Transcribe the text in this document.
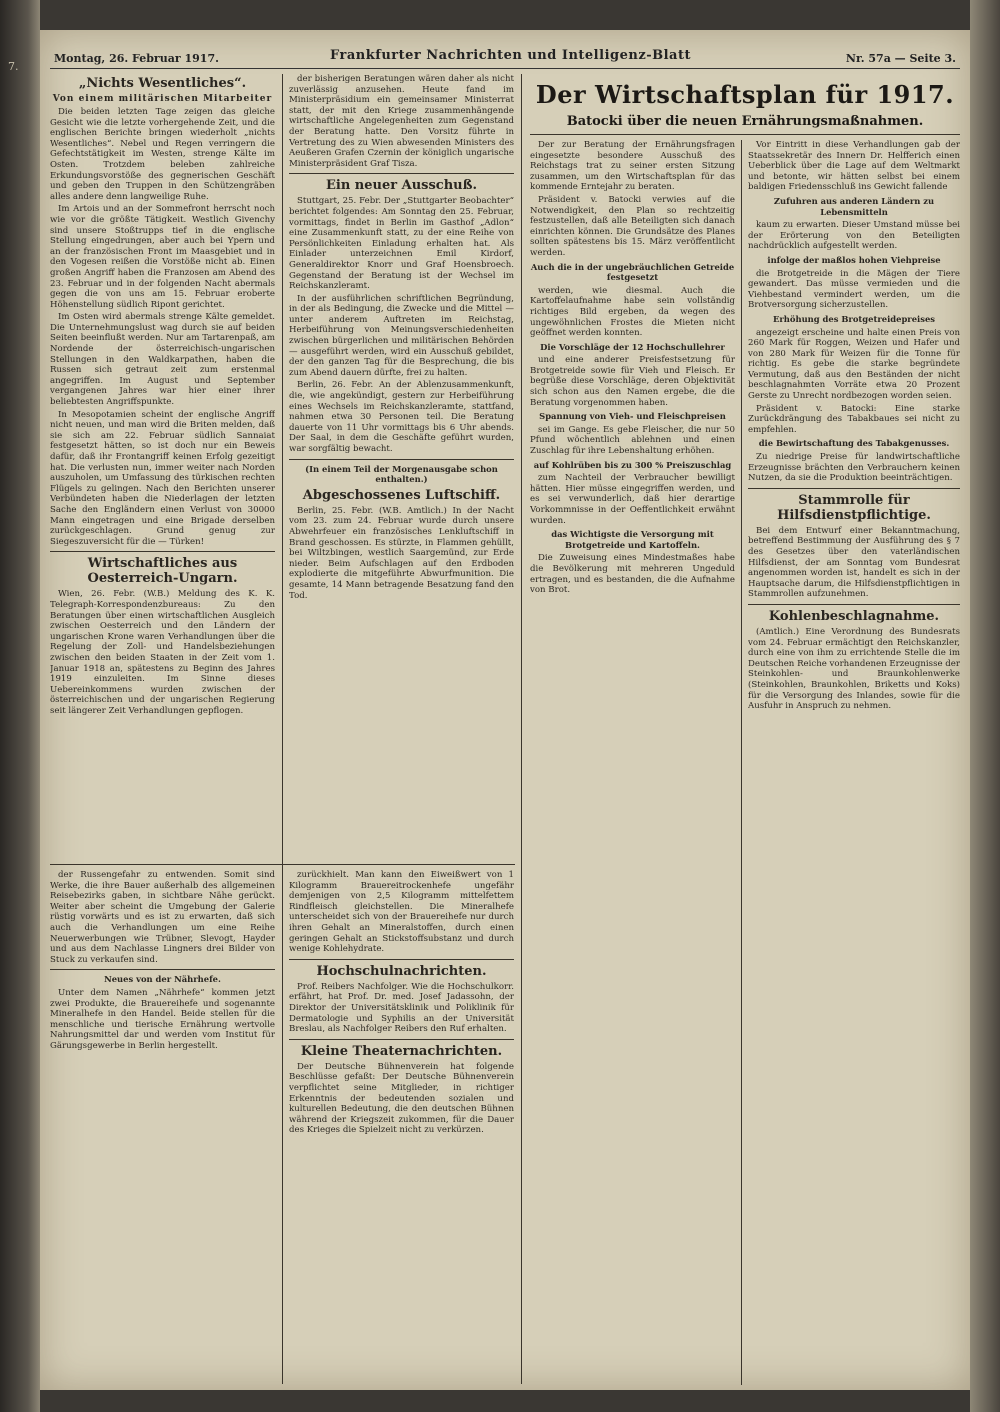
7.
Montag, 26. Februar 1917.	Frankfurter Nachrichten und Intelligenz-Blatt	Nr. 57a — Seite 3.
„Nichts Wesentliches“.
Von einem militärischen Mitarbeiter

Die beiden letzten Tage zeigen das gleiche Gesicht wie die letzte vorhergehende Zeit, und die englischen Berichte bringen wiederholt „nichts Wesentliches“. Nebel und Regen verringern die Gefechtstätigkeit im Westen, strenge Kälte im Osten. Trotzdem beleben zahlreiche Erkundungsvorstöße des gegnerischen Geschäft und geben den Truppen in den Schützengräben alles andere denn langweilige Ruhe.

Im Artois und an der Sommefront herrscht noch wie vor die größte Tätigkeit. Westlich Givenchy sind unsere Stoßtrupps tief in die englische Stellung eingedrungen, aber auch bei Ypern und an der französischen Front im Maasgebiet und in den Vogesen reißen die Vorstöße nicht ab. Einen großen Angriff haben die Franzosen am Abend des 23. Februar und in der folgenden Nacht abermals gegen die von uns am 15. Februar eroberte Höhenstellung südlich Ripont gerichtet.

Im Osten wird abermals strenge Kälte gemeldet. Die Unternehmungslust wag durch sie auf beiden Seiten beeinflußt werden. Nur am Tartarenpaß, am Nordende der österreichisch-ungarischen Stellungen in den Waldkarpathen, haben die Russen sich getraut zeit zum erstenmal angegriffen. Im August und September vergangenen Jahres war hier einer ihrer beliebtesten Angriffspunkte.

In Mesopotamien scheint der englische Angriff nicht neuen, und man wird die Briten melden, daß sie sich am 22. Februar südlich Sannaiat festgesetzt hätten, so ist doch nur ein Beweis dafür, daß ihr Frontangriff keinen Erfolg gezeitigt hat. Die verlusten nun, immer weiter nach Norden auszuholen, um Umfassung des türkischen rechten Flügels zu gelingen. Nach den Berichten unserer Verbündeten haben die Niederlagen der letzten Sache den Engländern einen Verlust von 30000 Mann eingetragen und eine Brigade derselben zurückgeschlagen. Grund genug zur Siegeszuversicht für die — Türken!

Wirtschaftliches aus Oesterreich-Ungarn.

Wien, 26. Febr. (W.B.) Meldung des K. K. Telegraph-Korrespondenzbureaus: Zu den Beratungen über einen wirtschaftlichen Ausgleich zwischen Oesterreich und den Ländern der ungarischen Krone waren Verhandlungen über die Regelung der Zoll- und Handelsbeziehungen zwischen den beiden Staaten in der Zeit vom 1. Januar 1918 an, spätestens zu Beginn des Jahres 1919 einzuleiten. Im Sinne dieses Uebereinkommens wurden zwischen der österreichischen und der ungarischen Regierung seit längerer Zeit Verhandlungen gepflogen.

der Russengefahr zu entwenden. Somit sind Werke, die ihre Bauer außerhalb des allgemeinen Reisebezirks gaben, in sichtbare Nähe gerückt. Weiter aber scheint die Umgebung der Galerie rüstig vorwärts und es ist zu erwarten, daß sich auch die Verhandlungen um eine Reihe Neuerwerbungen wie Trübner, Slevogt, Hayder und aus dem Nachlasse Lingners drei Bilder von Stuck zu verkaufen sind.

Neues von der Nährhefe.

Unter dem Namen „Nährhefe“ kommen jetzt zwei Produkte, die Brauereihefe und sogenannte Mineralhefe in den Handel. Beide stellen für die menschliche und tierische Ernährung wertvolle Nahrungsmittel dar und werden vom Institut für Gärungsgewerbe in Berlin hergestellt.

der bisherigen Beratungen wären daher als nicht zuverlässig anzusehen. Heute fand im Ministerpräsidium ein gemeinsamer Ministerrat statt, der mit den Kriege zusammenhängende wirtschaftliche Angelegenheiten zum Gegenstand der Beratung hatte. Den Vorsitz führte in Vertretung des zu Wien abwesenden Ministers des Aeußeren Grafen Czernin der königlich ungarische Ministerpräsident Graf Tisza.

Ein neuer Ausschuß.

Stuttgart, 25. Febr. Der „Stuttgarter Beobachter“ berichtet folgendes: Am Sonntag den 25. Februar, vormittags, findet in Berlin im Gasthof „Adlon“ eine Zusammenkunft statt, zu der eine Reihe von Persönlichkeiten Einladung erhalten hat. Als Einlader unterzeichnen Emil Kirdorf, Generaldirektor Knorr und Graf Hoensbroech. Gegenstand der Beratung ist der Wechsel im Reichskanzleramt.

In der ausführlichen schriftlichen Begründung, in der als Bedingung, die Zwecke und die Mittel — unter anderem Auftreten im Reichstag, Herbeiführung von Meinungsverschiedenheiten zwischen bürgerlichen und militärischen Behörden — ausgeführt werden, wird ein Ausschuß gebildet, der den ganzen Tag für die Besprechung, die bis zum Abend dauern dürfte, frei zu halten.

Berlin, 26. Febr. An der Ablenzusammenkunft, die, wie angekündigt, gestern zur Herbeiführung eines Wechsels im Reichskanzleramte, stattfand, nahmen etwa 30 Personen teil. Die Beratung dauerte von 11 Uhr vormittags bis 6 Uhr abends. Der Saal, in dem die Geschäfte geführt wurden, war sorgfältig bewacht.

(In einem Teil der Morgenausgabe schon enthalten.)

Abgeschossenes Luftschiff.

Berlin, 25. Febr. (W.B. Amtlich.) In der Nacht vom 23. zum 24. Februar wurde durch unsere Abwehrfeuer ein französisches Lenkluftschiff in Brand geschossen. Es stürzte, in Flammen gehüllt, bei Wiltzbingen, westlich Saargemünd, zur Erde nieder. Beim Aufschlagen auf den Erdboden explodierte die mitgeführte Abwurfmunition. Die gesamte, 14 Mann betragende Besatzung fand den Tod.

zurückhielt. Man kann den Eiweißwert von 1 Kilogramm Brauereitrockenhefe ungefähr demjenigen von 2,5 Kilogramm mittelfettem Rindfleisch gleichstellen. Die Mineralhefe unterscheidet sich von der Brauereihefe nur durch ihren Gehalt an Mineralstoffen, durch einen geringen Gehalt an Stickstoffsubstanz und durch wenige Kohlehydrate.

Hochschulnachrichten.

Prof. Reibers Nachfolger. Wie die Hochschulkorr. erfährt, hat Prof. Dr. med. Josef Jadassohn, der Direktor der Universitätsklinik und Poliklinik für Dermatologie und Syphilis an der Universität Breslau, als Nachfolger Reibers den Ruf erhalten.

Kleine Theaternachrichten.

Der Deutsche Bühnenverein hat folgende Beschlüsse gefaßt: Der Deutsche Bühnenverein verpflichtet seine Mitglieder, in richtiger Erkenntnis der bedeutenden sozialen und kulturellen Bedeutung, die den deutschen Bühnen während der Kriegszeit zukommen, für die Dauer des Krieges die Spielzeit nicht zu verkürzen.

Der Wirtschaftsplan für 1917.
Batocki über die neuen Ernährungsmaßnahmen.

Der zur Beratung der Ernährungsfragen eingesetzte besondere Ausschuß des Reichstags trat zu seiner ersten Sitzung zusammen, um den Wirtschaftsplan für das kommende Erntejahr zu beraten.

Präsident v. Batocki verwies auf die Notwendigkeit, den Plan so rechtzeitig festzustellen, daß alle Beteiligten sich danach einrichten können. Die Grundsätze des Planes sollten spätestens bis 15. März veröffentlicht werden.

Auch die in der ungebräuchlichen Getreide festgesetzt

werden, wie diesmal. Auch die Kartoffelaufnahme habe sein vollständig richtiges Bild ergeben, da wegen des ungewöhnlichen Frostes die Mieten nicht geöffnet werden konnten.

Die Vorschläge der 12 Hochschullehrer

und eine anderer Preisfestsetzung für Brotgetreide sowie für Vieh und Fleisch. Er begrüße diese Vorschläge, deren Objektivität sich schon aus den Namen ergebe, die die Beratung vorgenommen haben.

Spannung von Vieh- und Fleischpreisen

sei im Gange. Es gebe Fleischer, die nur 50 Pfund wöchentlich ablehnen und einen Zuschlag für ihre Lebenshaltung erhöhen.

auf Kohlrüben bis zu 300 % Preiszuschlag

zum Nachteil der Verbraucher bewilligt hätten. Hier müsse eingegriffen werden, und es sei verwunderlich, daß hier derartige Vorkommnisse in der Oeffentlichkeit erwähnt wurden.

das Wichtigste die Versorgung mit Brotgetreide und Kartoffeln.

Die Zuweisung eines Mindestmaßes habe die Bevölkerung mit mehreren Ungeduld ertragen, und es bestanden, die die Aufnahme von Brot.

Vor Eintritt in diese Verhandlungen gab der Staatssekretär des Innern Dr. Helfferich einen Ueberblick über die Lage auf dem Weltmarkt und betonte, wir hätten selbst bei einem baldigen Friedensschluß ins Gewicht fallende

Zufuhren aus anderen Ländern zu Lebensmitteln

kaum zu erwarten. Dieser Umstand müsse bei der Erörterung von den Beteiligten nachdrücklich aufgestellt werden.

infolge der maßlos hohen Viehpreise

die Brotgetreide in die Mägen der Tiere gewandert. Das müsse vermieden und die Viehbestand vermindert werden, um die Brotversorgung sicherzustellen.

Erhöhung des Brotgetreidepreises

angezeigt erscheine und halte einen Preis von 260 Mark für Roggen, Weizen und Hafer und von 280 Mark für Weizen für die Tonne für richtig. Es gebe die starke begründete Vermutung, daß aus den Beständen der nicht beschlagnahmten Vorräte etwa 20 Prozent Gerste zu Unrecht nordbezogen worden seien.

Präsident v. Batocki: Eine starke Zurückdrängung des Tabakbaues sei nicht zu empfehlen.

die Bewirtschaftung des Tabakgenusses.

Zu niedrige Preise für landwirtschaftliche Erzeugnisse brächten den Verbrauchern keinen Nutzen, da sie die Produktion beeinträchtigen.

Stammrolle für Hilfsdienstpflichtige.

Bei dem Entwurf einer Bekanntmachung, betreffend Bestimmung der Ausführung des § 7 des Gesetzes über den vaterländischen Hilfsdienst, der am Sonntag vom Bundesrat angenommen worden ist, handelt es sich in der Hauptsache darum, die Hilfsdienstpflichtigen in Stammrollen aufzunehmen.

Kohlenbeschlagnahme.

(Amtlich.) Eine Verordnung des Bundesrats vom 24. Februar ermächtigt den Reichskanzler, durch eine von ihm zu errichtende Stelle die im Deutschen Reiche vorhandenen Erzeugnisse der Steinkohlen- und Braunkohlenwerke (Steinkohlen, Braunkohlen, Briketts und Koks) für die Versorgung des Inlandes, sowie für die Ausfuhr in Anspruch zu nehmen.
